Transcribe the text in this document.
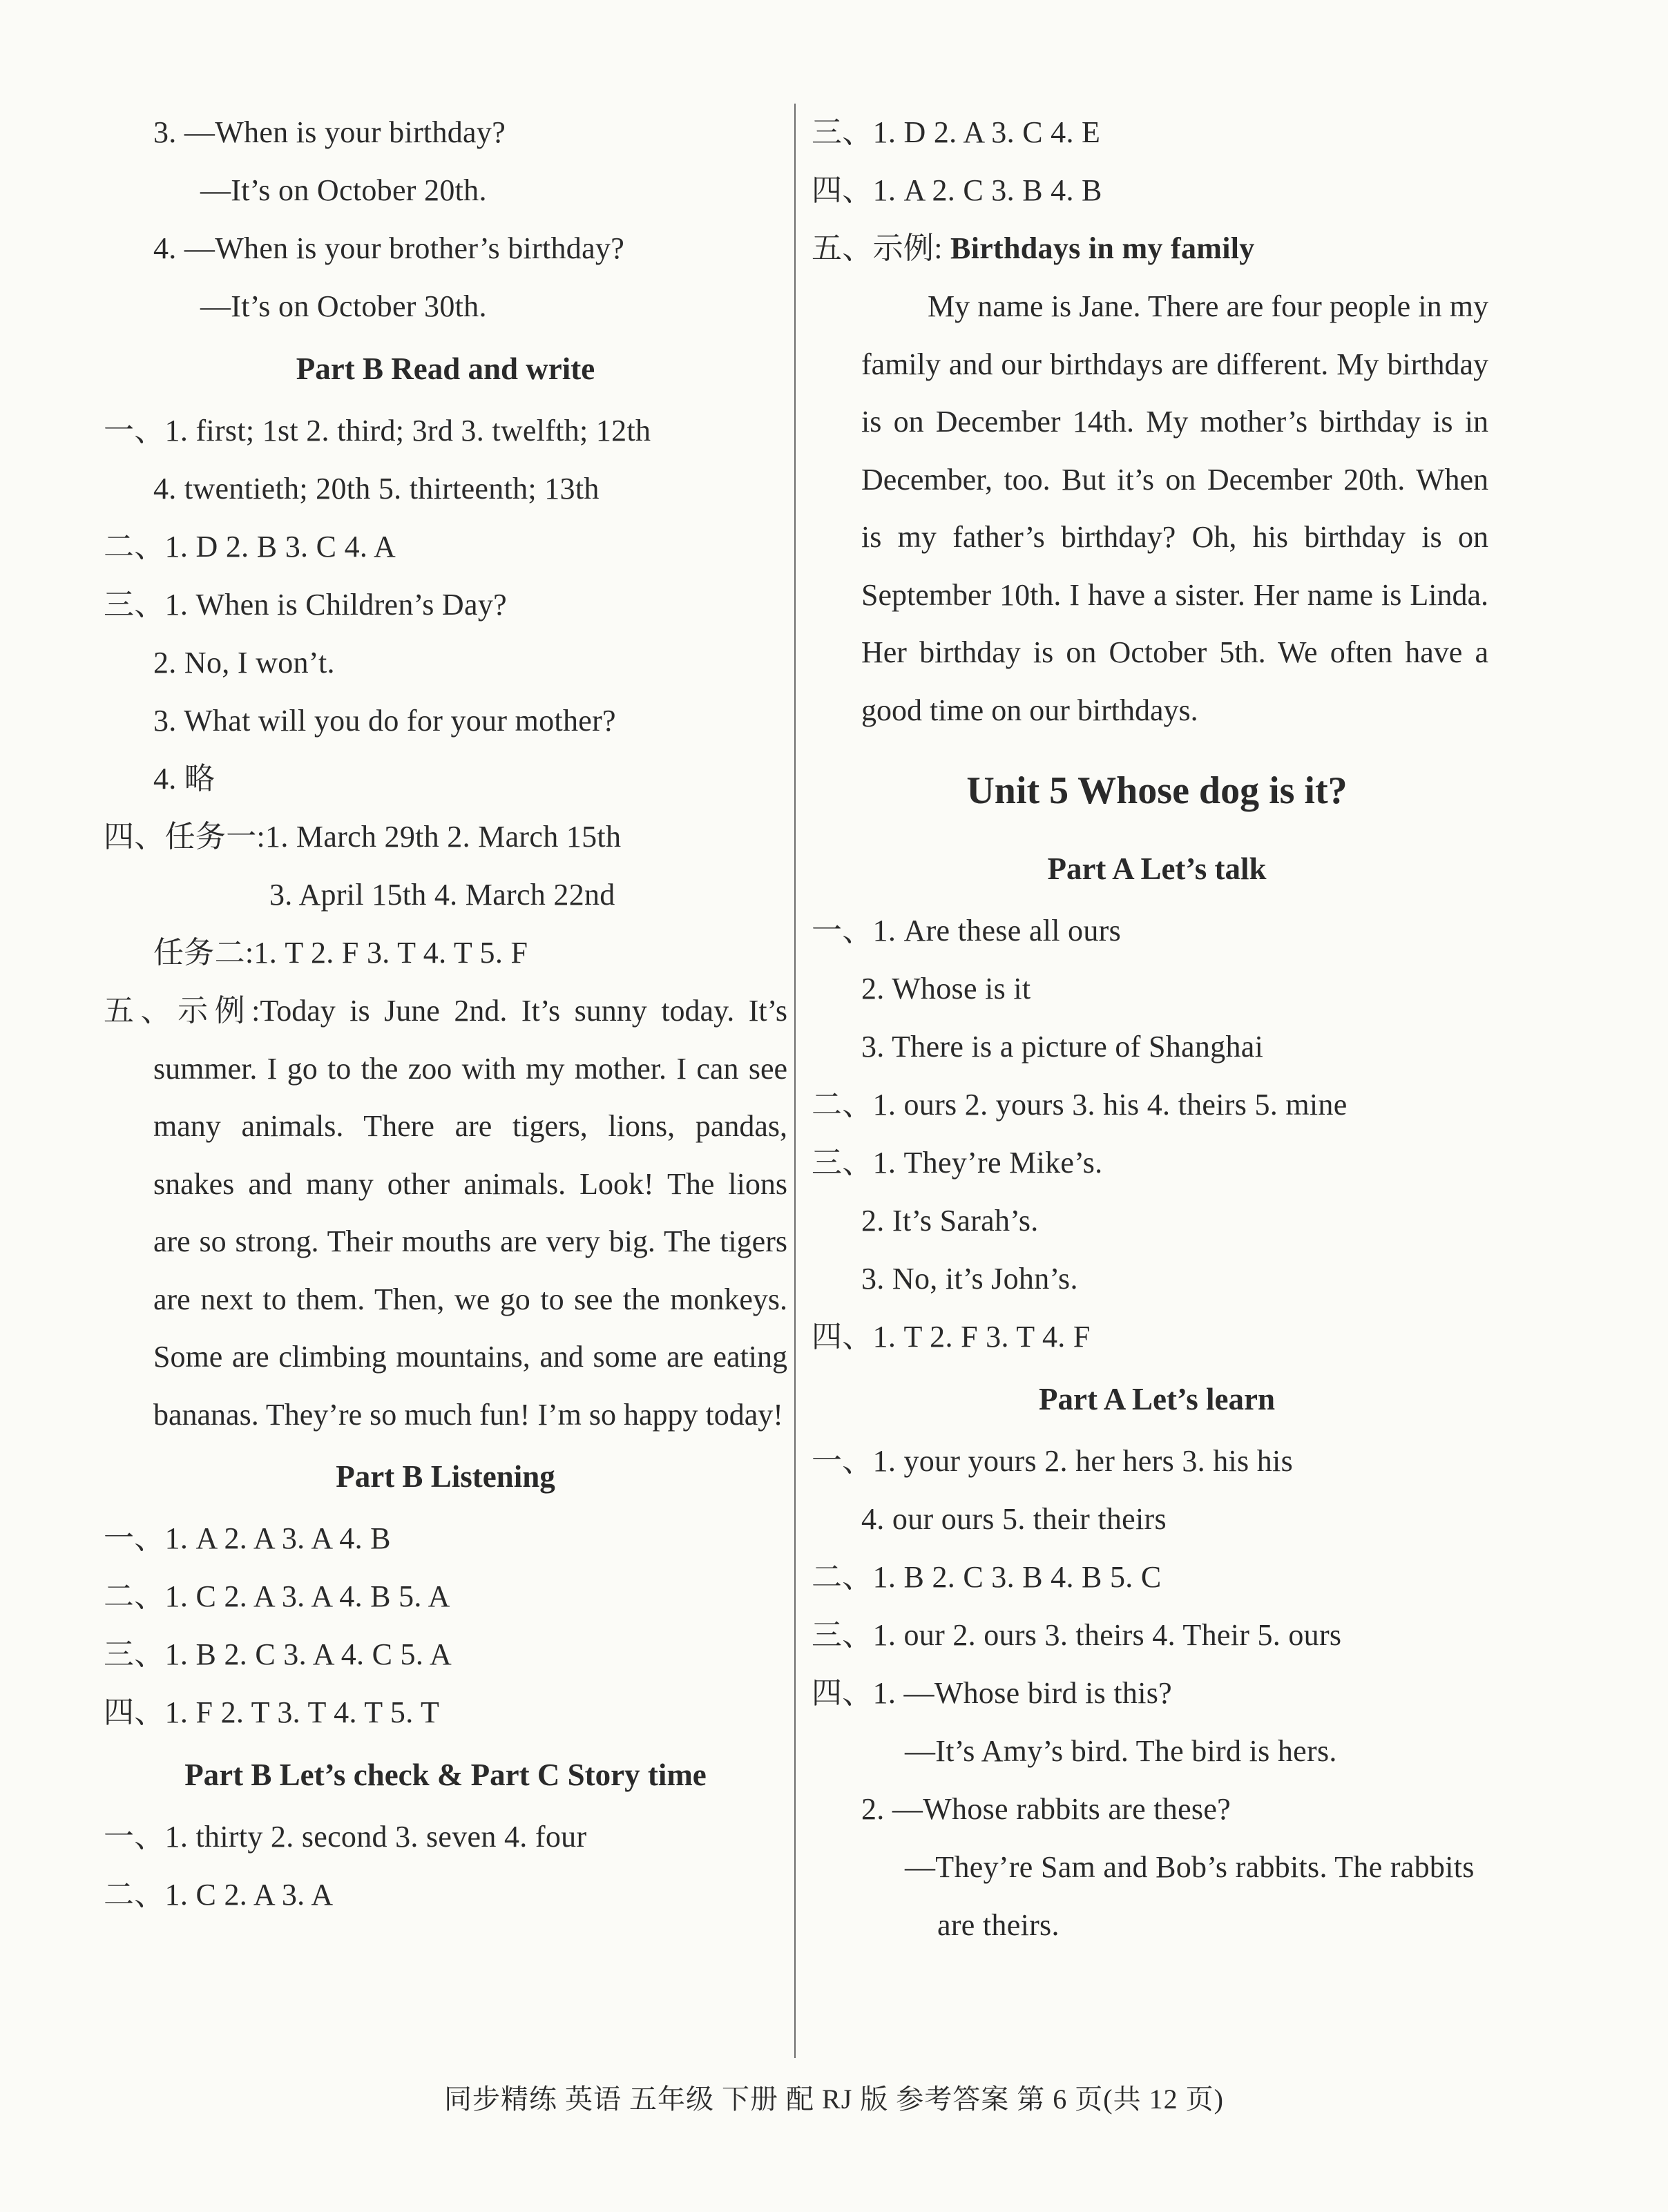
3. —When is your birthday?
—It’s on October 20th.
4. —When is your brother’s birthday?
—It’s on October 30th.
Part B Read and write
一、1. first; 1st 2. third; 3rd 3. twelfth; 12th
4. twentieth; 20th 5. thirteenth; 13th
二、1. D 2. B 3. C 4. A
三、1. When is Children’s Day?
2. No, I won’t.
3. What will you do for your mother?
4. 略
四、任务一:1. March 29th 2. March 15th
3. April 15th 4. March 22nd
任务二:1. T 2. F 3. T 4. T 5. F
五、示例:Today is June 2nd. It’s sunny today. It’s summer. I go to the zoo with my mother. I can see many animals. There are tigers, lions, pandas, snakes and many other animals. Look! The lions are so strong. Their mouths are very big. The tigers are next to them. Then, we go to see the monkeys. Some are climbing mountains, and some are eating bananas. They’re so much fun! I’m so happy today!
Part B Listening
一、1. A 2. A 3. A 4. B
二、1. C 2. A 3. A 4. B 5. A
三、1. B 2. C 3. A 4. C 5. A
四、1. F 2. T 3. T 4. T 5. T
Part B Let’s check & Part C Story time
一、1. thirty 2. second 3. seven 4. four
二、1. C 2. A 3. A
三、1. D 2. A 3. C 4. E
四、1. A 2. C 3. B 4. B
五、示例: Birthdays in my family
My name is Jane. There are four people in my family and our birthdays are different. My birthday is on December 14th. My mother’s birthday is in December, too. But it’s on December 20th. When is my father’s birthday? Oh, his birthday is on September 10th. I have a sister. Her name is Linda. Her birthday is on October 5th. We often have a good time on our birthdays.
Unit 5 Whose dog is it?
Part A Let’s talk
一、1. Are these all ours
2. Whose is it
3. There is a picture of Shanghai
二、1. ours 2. yours 3. his 4. theirs 5. mine
三、1. They’re Mike’s.
2. It’s Sarah’s.
3. No, it’s John’s.
四、1. T 2. F 3. T 4. F
Part A Let’s learn
一、1. your yours 2. her hers 3. his his
4. our ours 5. their theirs
二、1. B 2. C 3. B 4. B 5. C
三、1. our 2. ours 3. theirs 4. Their 5. ours
四、1. —Whose bird is this?
—It’s Amy’s bird. The bird is hers.
2. —Whose rabbits are these?
—They’re Sam and Bob’s rabbits. The rabbits
are theirs.
同步精练 英语 五年级 下册 配 RJ 版 参考答案 第 6 页(共 12 页)
